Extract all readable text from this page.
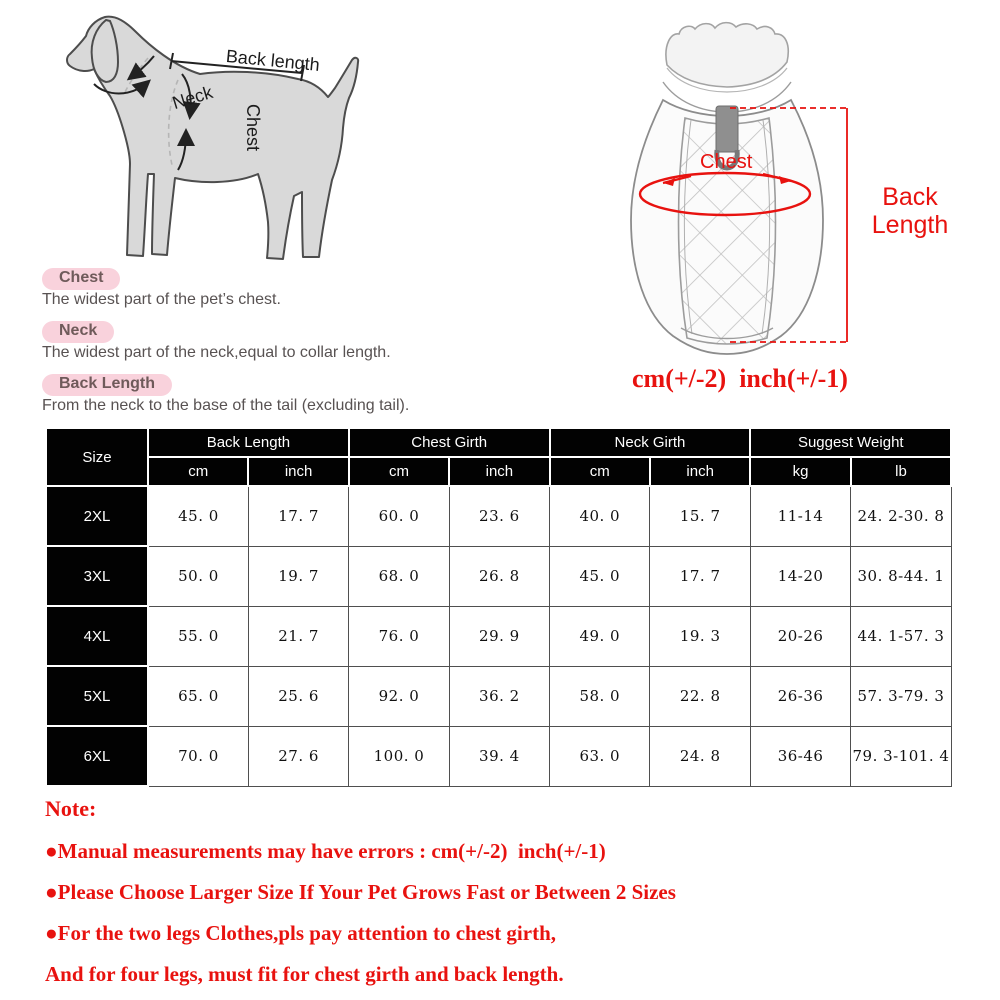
Back length
Neck
Chest
Chest
The widest part of the pet’s chest.
Neck
The widest part of the neck,equal to collar length.
Back Length
From the neck to the base of the tail (excluding tail).
Chest
Back Length
cm(+/-2)  inch(+/-1)
Size	Back Length		Chest Girth		Neck Girth		Suggest Weight	
	cm	inch	cm	inch	cm	inch	kg	lb
2XL	45. 0	17. 7	60. 0	23. 6	40. 0	15. 7	11-14	24. 2-30. 8
3XL	50. 0	19. 7	68. 0	26. 8	45. 0	17. 7	14-20	30. 8-44. 1
4XL	55. 0	21. 7	76. 0	29. 9	49. 0	19. 3	20-26	44. 1-57. 3
5XL	65. 0	25. 6	92. 0	36. 2	58. 0	22. 8	26-36	57. 3-79. 3
6XL	70. 0	27. 6	100. 0	39. 4	63. 0	24. 8	36-46	79. 3-101. 4
Note:
●Manual measurements may have errors : cm(+/-2)  inch(+/-1)
●Please Choose Larger Size If Your Pet Grows Fast or Between 2 Sizes
●For the two legs Clothes,pls pay attention to chest girth,
And for four legs, must fit for chest girth and back length.
